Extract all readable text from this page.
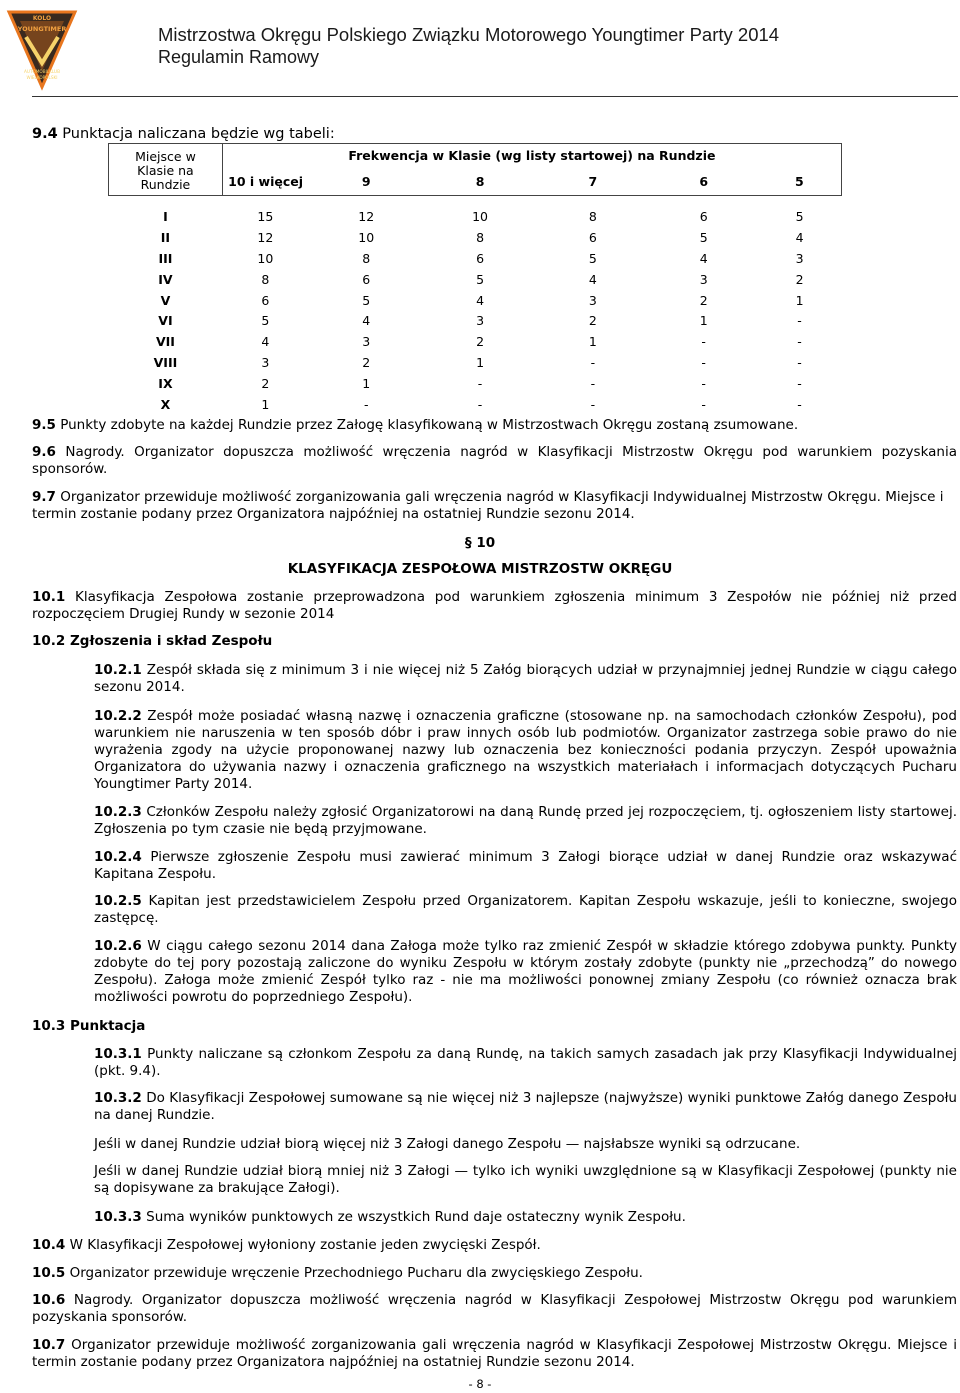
KOLO
YOUNGTIMER
AUTOMOBILKLUB
WIELKOPOLSKI
Mistrzostwa Okręgu Polskiego Związku Motorowego Youngtimer Party 2014
Regulamin Ramowy
9.4 Punktacja naliczana będzie wg tabeli:
Miejsce w
Klasie na
Rundzie	Frekwencja w Klasie (wg listy startowej) na Rundzie					
	10 i więcej	9	8	7	6	5

I	15	12	10	8	6	5
II	12	10	8	6	5	4
III	10	8	6	5	4	3
IV	8	6	5	4	3	2
V	6	5	4	3	2	1
VI	5	4	3	2	1	-
VII	4	3	2	1	-	-
VIII	3	2	1	-	-	-
IX	2	1	-	-	-	-
X	1	-	-	-	-	-
9.5 Punkty zdobyte na każdej Rundzie przez Załogę klasyfikowaną w Mistrzostwach Okręgu zostaną zsumowane.
9.6 Nagrody. Organizator dopuszcza możliwość wręczenia nagród w Klasyfikacji Mistrzostw Okręgu pod warunkiem pozyskania sponsorów.
9.7 Organizator przewiduje możliwość zorganizowania gali wręczenia nagród w Klasyfikacji Indywidualnej Mistrzostw Okręgu. Miejsce i termin zostanie podany przez Organizatora najpóźniej na ostatniej Rundzie sezonu 2014.
§ 10
KLASYFIKACJA ZESPOŁOWA MISTRZOSTW OKRĘGU
10.1 Klasyfikacja Zespołowa zostanie przeprowadzona pod warunkiem zgłoszenia minimum 3 Zespołów nie później niż przed rozpoczęciem Drugiej Rundy w sezonie 2014
10.2 Zgłoszenia i skład Zespołu
10.2.1 Zespół składa się z minimum 3 i nie więcej niż 5 Załóg biorących udział w przynajmniej jednej Rundzie w ciągu całego sezonu 2014.
10.2.2 Zespół może posiadać własną nazwę i oznaczenia graficzne (stosowane np. na samochodach członków Zespołu), pod warunkiem nie naruszenia w ten sposób dóbr i praw innych osób lub podmiotów. Organizator zastrzega sobie prawo do nie wyrażenia zgody na użycie proponowanej nazwy lub oznaczenia bez konieczności podania przyczyn. Zespół upoważnia Organizatora do używania nazwy i oznaczenia graficznego na wszystkich materiałach i informacjach dotyczących Pucharu Youngtimer Party 2014.
10.2.3 Członków Zespołu należy zgłosić Organizatorowi na daną Rundę przed jej rozpoczęciem, tj. ogłoszeniem listy startowej. Zgłoszenia po tym czasie nie będą przyjmowane.
10.2.4 Pierwsze zgłoszenie Zespołu musi zawierać minimum 3 Załogi biorące udział w danej Rundzie oraz wskazywać Kapitana Zespołu.
10.2.5 Kapitan jest przedstawicielem Zespołu przed Organizatorem. Kapitan Zespołu wskazuje, jeśli to konieczne, swojego zastępcę.
10.2.6 W ciągu całego sezonu 2014 dana Załoga może tylko raz zmienić Zespół w składzie którego zdobywa punkty. Punkty zdobyte do tej pory pozostają zaliczone do wyniku Zespołu w którym zostały zdobyte (punkty nie „przechodzą” do nowego Zespołu). Załoga może zmienić Zespół tylko raz - nie ma możliwości ponownej zmiany Zespołu (co również oznacza brak możliwości powrotu do poprzedniego Zespołu).
10.3 Punktacja
10.3.1 Punkty naliczane są członkom Zespołu za daną Rundę, na takich samych zasadach jak przy Klasyfikacji Indywidualnej (pkt. 9.4).
10.3.2 Do Klasyfikacji Zespołowej sumowane są nie więcej niż 3 najlepsze (najwyższe) wyniki punktowe Załóg danego Zespołu na danej Rundzie.
Jeśli w danej Rundzie udział biorą więcej niż 3 Załogi danego Zespołu — najsłabsze wyniki są odrzucane.
Jeśli w danej Rundzie udział biorą mniej niż 3 Załogi — tylko ich wyniki uwzględnione są w Klasyfikacji Zespołowej (punkty nie są dopisywane za brakujące Załogi).
10.3.3 Suma wyników punktowych ze wszystkich Rund daje ostateczny wynik Zespołu.
10.4 W Klasyfikacji Zespołowej wyłoniony zostanie jeden zwycięski Zespół.
10.5 Organizator przewiduje wręczenie Przechodniego Pucharu dla zwycięskiego Zespołu.
10.6 Nagrody. Organizator dopuszcza możliwość wręczenia nagród w Klasyfikacji Zespołowej Mistrzostw Okręgu pod warunkiem pozyskania sponsorów.
10.7 Organizator przewiduje możliwość zorganizowania gali wręczenia nagród w Klasyfikacji Zespołowej Mistrzostw Okręgu. Miejsce i termin zostanie podany przez Organizatora najpóźniej na ostatniej Rundzie sezonu 2014.
- 8 -
